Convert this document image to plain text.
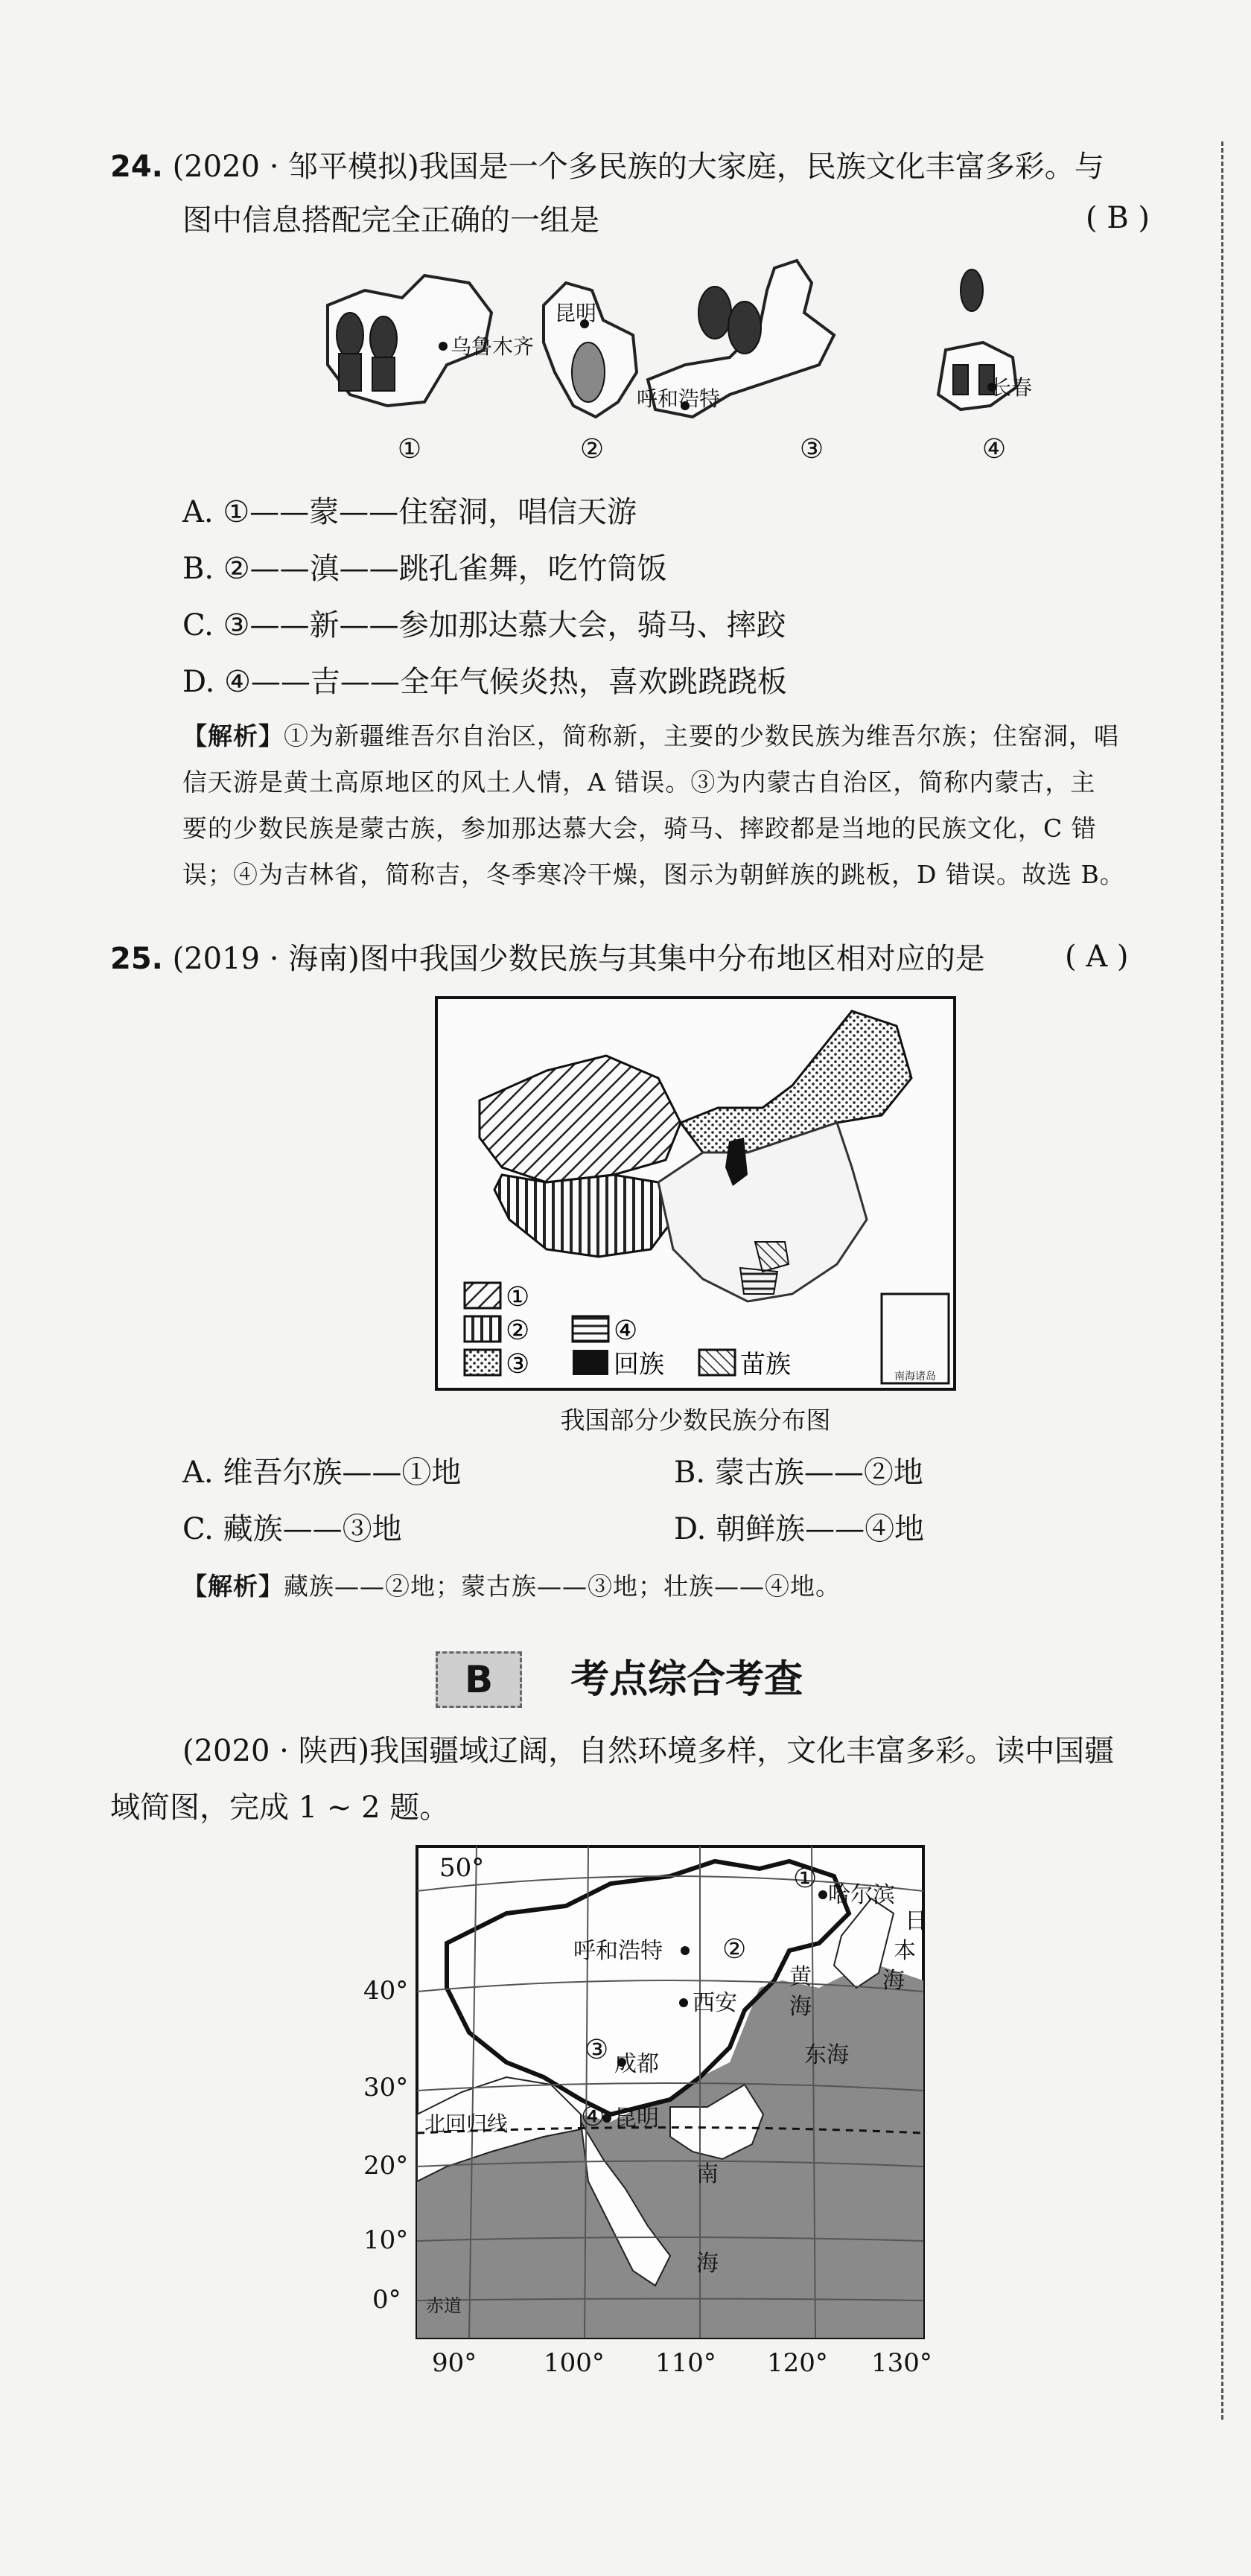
24. (2020 · 邹平模拟)我国是一个多民族的大家庭，民族文化丰富多彩。与
图中信息搭配完全正确的一组是	( B )
乌鲁木齐
昆明
呼和浩特	长春
①	②	③	④
A. ①——蒙——住窑洞，唱信天游
B. ②——滇——跳孔雀舞，吃竹筒饭
C. ③——新——参加那达慕大会，骑马、摔跤
D. ④——吉——全年气候炎热，喜欢跳跷跷板
【解析】①为新疆维吾尔自治区，简称新，主要的少数民族为维吾尔族；住窑洞，唱
信天游是黄土高原地区的风土人情，A 错误。③为内蒙古自治区，简称内蒙古，主
要的少数民族是蒙古族，参加那达慕大会，骑马、摔跤都是当地的民族文化，C 错
误；④为吉林省，简称吉，冬季寒冷干燥，图示为朝鲜族的跳板，D 错误。故选 B。
25. (2019 · 海南)图中我国少数民族与其集中分布地区相对应的是	( A )
南海诸岛
①
②
③
④
回族	苗族
我国部分少数民族分布图
A. 维吾尔族——①地	B. 蒙古族——②地
C. 藏族——③地	D. 朝鲜族——④地
【解析】藏族——②地；蒙古族——③地；壮族——④地。
B 考点综合考查
(2020 · 陕西)我国疆域辽阔，自然环境多样，文化丰富多彩。读中国疆
域简图，完成 1 ~ 2 题。
50°
40°
30°
20°
10°
0°
90°	100° 110° 120° 130°
①
哈尔滨
②
呼和浩特
西安
③ 成都
④ 昆明
日
本
海
黄
海
东海
南
海
北回归线
赤道
